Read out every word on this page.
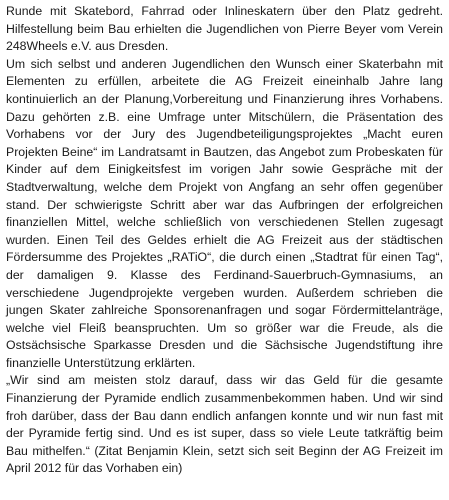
Runde mit Skatebord, Fahrrad oder Inlineskatern über den Platz gedreht. Hilfestellung beim Bau erhielten die Jugendlichen von Pierre Beyer vom Verein 248Wheels e.V. aus Dresden.

Um sich selbst und anderen Jugendlichen den Wunsch einer Skaterbahn mit Elementen zu erfüllen, arbeitete die AG Freizeit eineinhalb Jahre lang kontinuierlich an der Planung,Vorbereitung und Finanzierung ihres Vorhabens. Dazu gehörten z.B. eine Umfrage unter Mitschülern, die Präsentation des Vorhabens vor der Jury des Jugendbeteiligungsprojektes „Macht euren Projekten Beine“ im Landratsamt in Bautzen, das Angebot zum Probeskaten für Kinder auf dem Einigkeitsfest im vorigen Jahr sowie Gespräche mit der Stadtverwaltung, welche dem Projekt von Angfang an sehr offen gegenüber stand. Der schwierigste Schritt aber war das Aufbringen der erfolgreichen finanziellen Mittel, welche schließlich von verschiedenen Stellen zugesagt wurden. Einen Teil des Geldes erhielt die AG Freizeit aus der städtischen Fördersumme des Projektes „RATiO“, die durch einen „Stadtrat für einen Tag“, der damaligen 9. Klasse des Ferdinand-Sauerbruch-Gymnasiums, an verschiedene Jugendprojekte vergeben wurden. Außerdem schrieben die jungen Skater zahlreiche Sponsorenanfragen und sogar Fördermittelanträge, welche viel Fleiß beanspruchten. Um so größer war die Freude, als die Ostsächsische Sparkasse Dresden und die Sächsische Jugendstiftung ihre finanzielle Unterstützung erklärten.

„Wir sind am meisten stolz darauf, dass wir das Geld für die gesamte Finanzierung der Pyramide endlich zusammenbekommen haben. Und wir sind froh darüber, dass der Bau dann endlich anfangen konnte und wir nun fast mit der Pyramide fertig sind. Und es ist super, dass so viele Leute tatkräftig beim Bau mithelfen.“ (Zitat Benjamin Klein, setzt sich seit Beginn der AG Freizeit im April 2012 für das Vorhaben ein)
